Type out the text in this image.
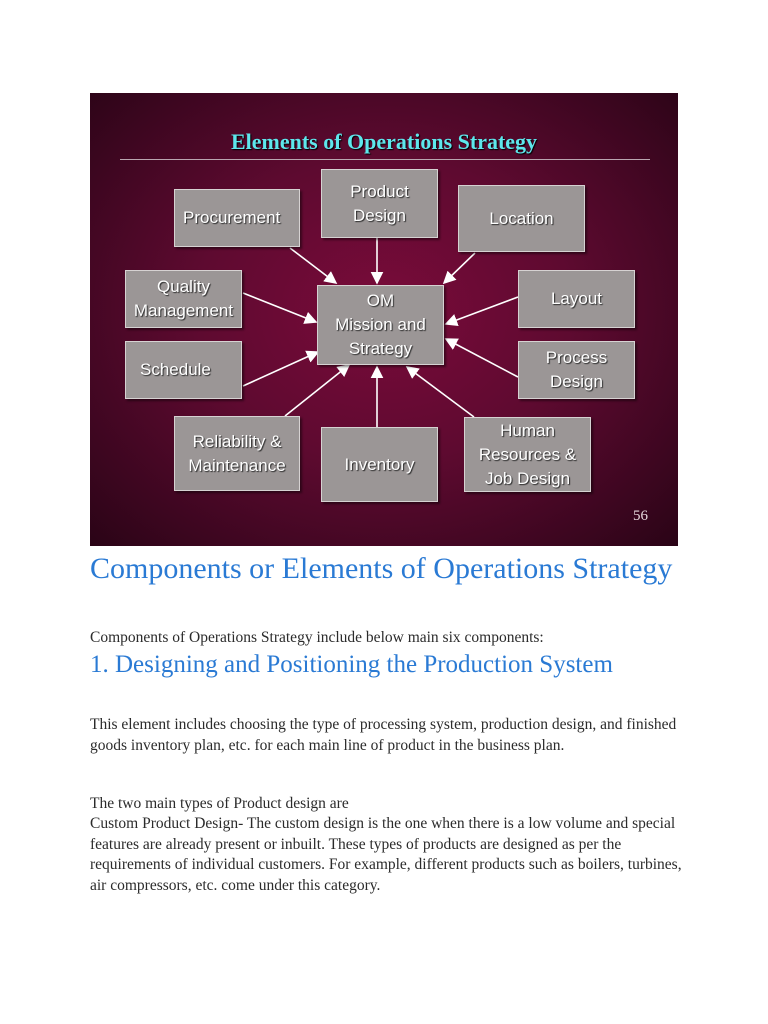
Elements of Operations Strategy
Procurement
Product
Design	Location
Quality
Management
OM
Mission and
Strategy
Layout
Schedule
Process
Design
Reliability &
Maintenance	Inventory
Human
Resources &
Job Design
56
Components or Elements of Operations Strategy

Components of Operations Strategy include below main six components:

1. Designing and Positioning the Production System

This element includes choosing the type of processing system, production design, and finished goods inventory plan, etc. for each main line of product in the business plan.

The two main types of Product design are

Custom Product Design- The custom design is the one when there is a low volume and special features are already present or inbuilt. These types of products are designed as per the requirements of individual customers. For example, different products such as boilers, turbines, air compressors, etc. come under this category.
